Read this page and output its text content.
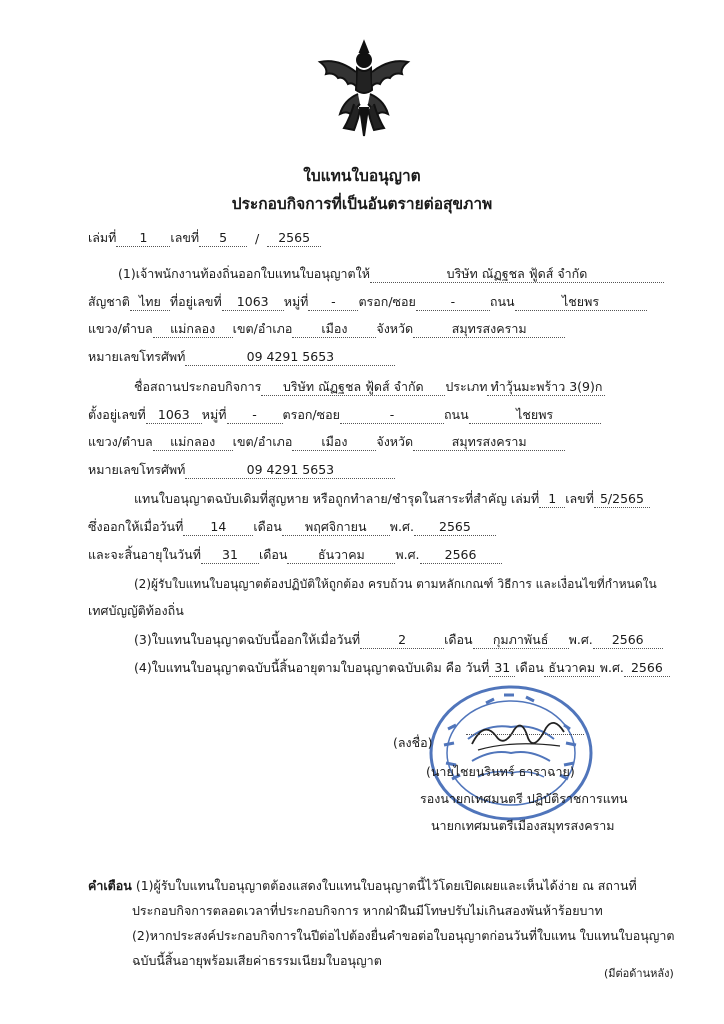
ใบแทนใบอนุญาต
ประกอบกิจการที่เป็นอันตรายต่อสุขภาพ
เล่มที่ 1 เลขที่ 5 / 2565
(1)เจ้าพนักงานท้องถิ่นออกใบแทนใบอนุญาตให้	บริษัท ณัฏฐชล ฟู้ดส์ จำกัด
สัญชาติ ไทย ที่อยู่เลขที่ 1063 หมู่ที่ - ตรอก/ซอย	-	ถนน	ไชยพร
แขวง/ตำบล แม่กลอง เขต/อำเภอ เมือง จังหวัด	สมุทรสงคราม
หมายเลขโทรศัพท์	09 4291 5653
ชื่อสถานประกอบกิจการ บริษัท ณัฏฐชล ฟู้ดส์ จำกัด ประเภท ทำวุ้นมะพร้าว 3(9)ก
ตั้งอยู่เลขที่ 1063 หมู่ที่ - ตรอก/ซอย	-	ถนน	ไชยพร
แขวง/ตำบล แม่กลอง เขต/อำเภอ เมือง จังหวัด	สมุทรสงคราม
หมายเลขโทรศัพท์	09 4291 5653
แทนใบอนุญาตฉบับเดิมที่สูญหาย หรือถูกทำลาย/ชำรุดในสาระที่สำคัญ เล่มที่ 1 เลขที่ 5/2565
ซึ่งออกให้เมื่อวันที่ 14 เดือน พฤศจิกายน พ.ศ. 2565
และจะสิ้นอายุในวันที่ 31 เดือน ธันวาคม พ.ศ. 2566
(2)ผู้รับใบแทนใบอนุญาตต้องปฏิบัติให้ถูกต้อง ครบถ้วน ตามหลักเกณฑ์ วิธีการ และเงื่อนไขที่กำหนดใน
เทศบัญญัติท้องถิ่น
(3)ใบแทนใบอนุญาตฉบับนี้ออกให้เมื่อวันที่	2	เดือน กุมภาพันธ์ พ.ศ. 2566
(4)ใบแทนใบอนุญาตฉบับนี้สิ้นอายุตามใบอนุญาตฉบับเดิม คือ วันที่ 31 เดือน ธันวาคม พ.ศ. 2566
(ลงชื่อ)
(นายไชยนรินทร์ ธาราฉาย)
รองนายกเทศมนตรี ปฏิบัติราชการแทน
นายกเทศมนตรีเมืองสมุทรสงคราม
คำเตือน (1)ผู้รับใบแทนใบอนุญาตต้องแสดงใบแทนใบอนุญาตนี้ไว้โดยเปิดเผยและเห็นได้ง่าย ณ สถานที่
ประกอบกิจการตลอดเวลาที่ประกอบกิจการ หากฝ่าฝืนมีโทษปรับไม่เกินสองพันห้าร้อยบาท
(2)หากประสงค์ประกอบกิจการในปีต่อไปต้องยื่นคำขอต่อใบอนุญาตก่อนวันที่ใบแทน ใบแทนใบอนุญาต
ฉบับนี้สิ้นอายุพร้อมเสียค่าธรรมเนียมใบอนุญาต
(มีต่อด้านหลัง)
